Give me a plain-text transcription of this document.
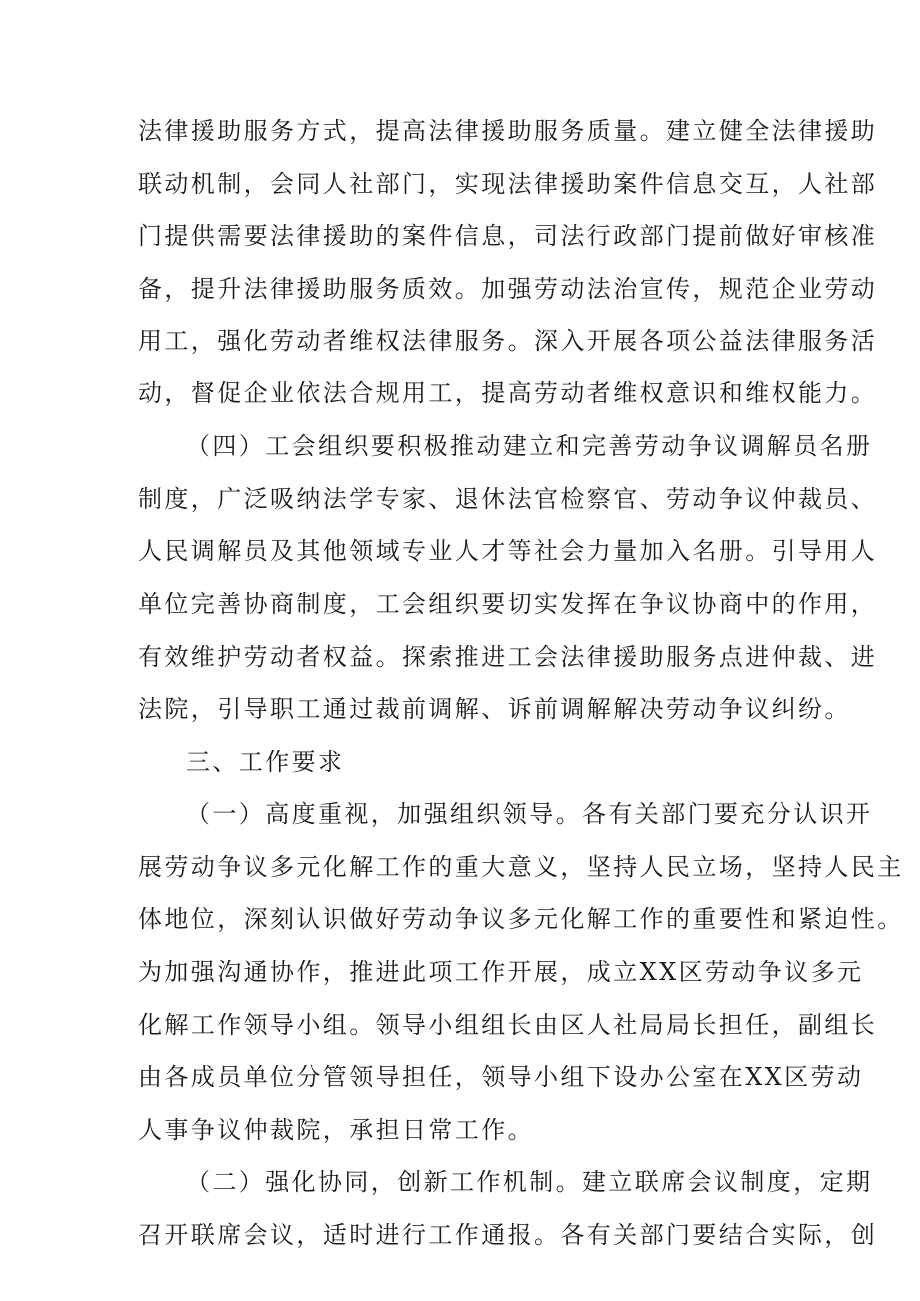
法律援助服务方式，提高法律援助服务质量。建立健全法律援助
联动机制，会同人社部门，实现法律援助案件信息交互，人社部
门提供需要法律援助的案件信息，司法行政部门提前做好审核准
备，提升法律援助服务质效。加强劳动法治宣传，规范企业劳动
用工，强化劳动者维权法律服务。深入开展各项公益法律服务活
动，督促企业依法合规用工，提高劳动者维权意识和维权能力。
（四）工会组织要积极推动建立和完善劳动争议调解员名册
制度，广泛吸纳法学专家、退休法官检察官、劳动争议仲裁员、
人民调解员及其他领域专业人才等社会力量加入名册。引导用人
单位完善协商制度，工会组织要切实发挥在争议协商中的作用，
有效维护劳动者权益。探索推进工会法律援助服务点进仲裁、进
法院，引导职工通过裁前调解、诉前调解解决劳动争议纠纷。
三、工作要求
（一）高度重视，加强组织领导。各有关部门要充分认识开
展劳动争议多元化解工作的重大意义，坚持人民立场，坚持人民主
体地位，深刻认识做好劳动争议多元化解工作的重要性和紧迫性。
为加强沟通协作，推进此项工作开展，成立XX区劳动争议多元
化解工作领导小组。领导小组组长由区人社局局长担任，副组长
由各成员单位分管领导担任，领导小组下设办公室在XX区劳动
人事争议仲裁院，承担日常工作。
（二）强化协同，创新工作机制。建立联席会议制度，定期
召开联席会议，适时进行工作通报。各有关部门要结合实际，创
